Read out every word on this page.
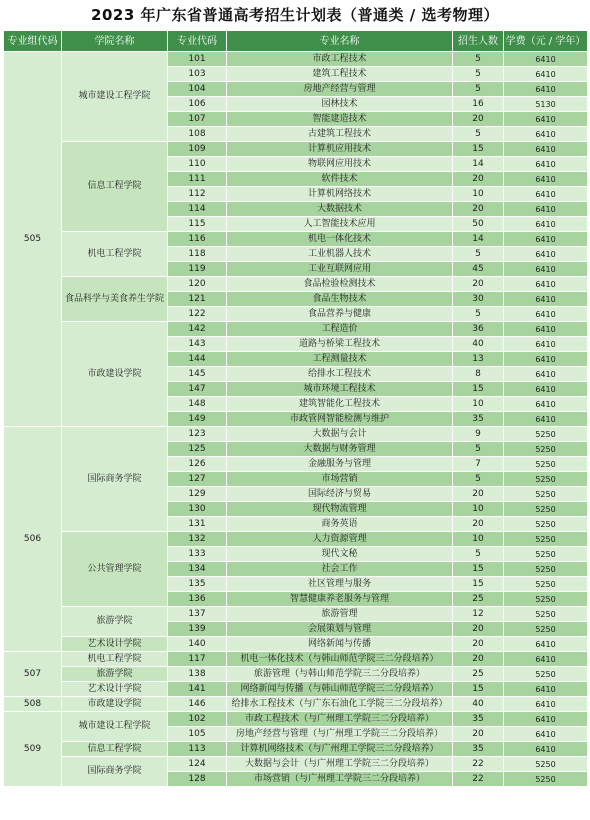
2023 年广东省普通高考招生计划表（普通类 / 选考物理）
专业组代码	学院名称	专业代码	专业名称	招生人数	学费（元 / 学年）
505	城市建设工程学院	101	市政工程技术	5	6410
		103	建筑工程技术	5	6410
		104	房地产经营与管理	5	6410
		106	园林技术	16	5130
		107	智能建造技术	20	6410
		108	古建筑工程技术	5	6410
	信息工程学院	109	计算机应用技术	15	6410
		110	物联网应用技术	14	6410
		111	软件技术	20	6410
		112	计算机网络技术	10	6410
		114	大数据技术	20	6410
		115	人工智能技术应用	50	6410
	机电工程学院	116	机电一体化技术	14	6410
		118	工业机器人技术	5	6410
		119	工业互联网应用	45	6410
	食品科学与美食养生学院	120	食品检验检测技术	20	6410
		121	食品生物技术	30	6410
		122	食品营养与健康	5	6410
	市政建设学院	142	工程造价	36	6410
		143	道路与桥梁工程技术	40	6410
		144	工程测量技术	13	6410
		145	给排水工程技术	8	6410
		147	城市环境工程技术	15	6410
		148	建筑智能化工程技术	10	6410
		149	市政管网智能检测与维护	35	6410
506	国际商务学院	123	大数据与会计	9	5250
		125	大数据与财务管理	5	5250
		126	金融服务与管理	7	5250
		127	市场营销	5	5250
		129	国际经济与贸易	20	5250
		130	现代物流管理	10	5250
		131	商务英语	20	5250
	公共管理学院	132	人力资源管理	10	5250
		133	现代文秘	5	5250
		134	社会工作	15	5250
		135	社区管理与服务	15	5250
		136	智慧健康养老服务与管理	25	5250
	旅游学院	137	旅游管理	12	5250
		139	会展策划与管理	20	5250
	艺术设计学院	140	网络新闻与传播	20	6410
507	机电工程学院	117	机电一体化技术（与韩山师范学院三二分段培养）	20	6410
	旅游学院	138	旅游管理（与韩山师范学院三二分段培养）	25	5250
	艺术设计学院	141	网络新闻与传播（与韩山师范学院三二分段培养）	15	6410
508	市政建设学院	146	给排水工程技术（与广东石油化工学院三二分段培养）	40	6410
509	城市建设工程学院	102	市政工程技术（与广州理工学院三二分段培养）	35	6410
		105	房地产经营与管理（与广州理工学院三二分段培养）	20	6410
	信息工程学院	113	计算机网络技术（与广州理工学院三二分段培养）	35	6410
	国际商务学院	124	大数据与会计（与广州理工学院三二分段培养）	22	5250
		128	市场营销（与广州理工学院三二分段培养）	22	5250
